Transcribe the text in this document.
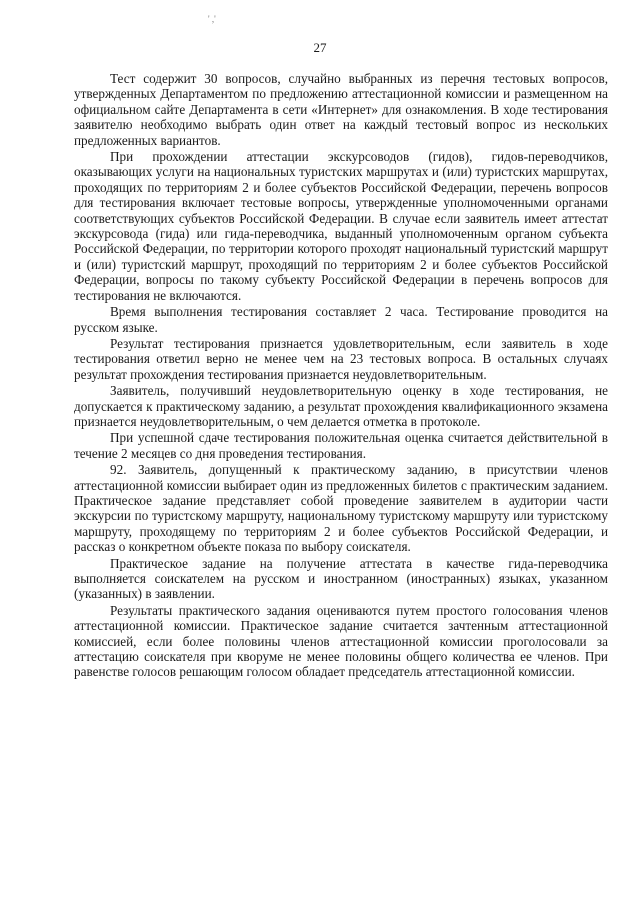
' ,'
27

Тест содержит 30 вопросов, случайно выбранных из перечня тестовых вопросов, утвержденных Департаментом по предложению аттестационной комиссии и размещенном на официальном сайте Департамента в сети «Интернет» для ознакомления. В ходе тестирования заявителю необходимо выбрать один ответ на каждый тестовый вопрос из нескольких предложенных вариантов.

При прохождении аттестации экскурсоводов (гидов), гидов-переводчиков, оказывающих услуги на национальных туристских маршрутах и (или) туристских маршрутах, проходящих по территориям 2 и более субъектов Российской Федерации, перечень вопросов для тестирования включает тестовые вопросы, утвержденные уполномоченными органами соответствующих субъектов Российской Федерации. В случае если заявитель имеет аттестат экскурсовода (гида) или гида-переводчика, выданный уполномоченным органом субъекта Российской Федерации, по территории которого проходят национальный туристский маршрут и (или) туристский маршрут, проходящий по территориям 2 и более субъектов Российской Федерации, вопросы по такому субъекту Российской Федерации в перечень вопросов для тестирования не включаются.

Время выполнения тестирования составляет 2 часа. Тестирование проводится на русском языке.

Результат тестирования признается удовлетворительным, если заявитель в ходе тестирования ответил верно не менее чем на 23 тестовых вопроса. В остальных случаях результат прохождения тестирования признается неудовлетворительным.

Заявитель, получивший неудовлетворительную оценку в ходе тестирования, не допускается к практическому заданию, а результат прохождения квалификационного экзамена признается неудовлетворительным, о чем делается отметка в протоколе.

При успешной сдаче тестирования положительная оценка считается действительной в течение 2 месяцев со дня проведения тестирования.

92. Заявитель, допущенный к практическому заданию, в присутствии членов аттестационной комиссии выбирает один из предложенных билетов с практическим заданием. Практическое задание представляет собой проведение заявителем в аудитории части экскурсии по туристскому маршруту, национальному туристскому маршруту или туристскому маршруту, проходящему по территориям 2 и более субъектов Российской Федерации, и рассказ о конкретном объекте показа по выбору соискателя.

Практическое задание на получение аттестата в качестве гида-переводчика выполняется соискателем на русском и иностранном (иностранных) языках, указанном (указанных) в заявлении.

Результаты практического задания оцениваются путем простого голосования членов аттестационной комиссии. Практическое задание считается зачтенным аттестационной комиссией, если более половины членов аттестационной комиссии проголосовали за аттестацию соискателя при кворуме не менее половины общего количества ее членов. При равенстве голосов решающим голосом обладает председатель аттестационной комиссии.
